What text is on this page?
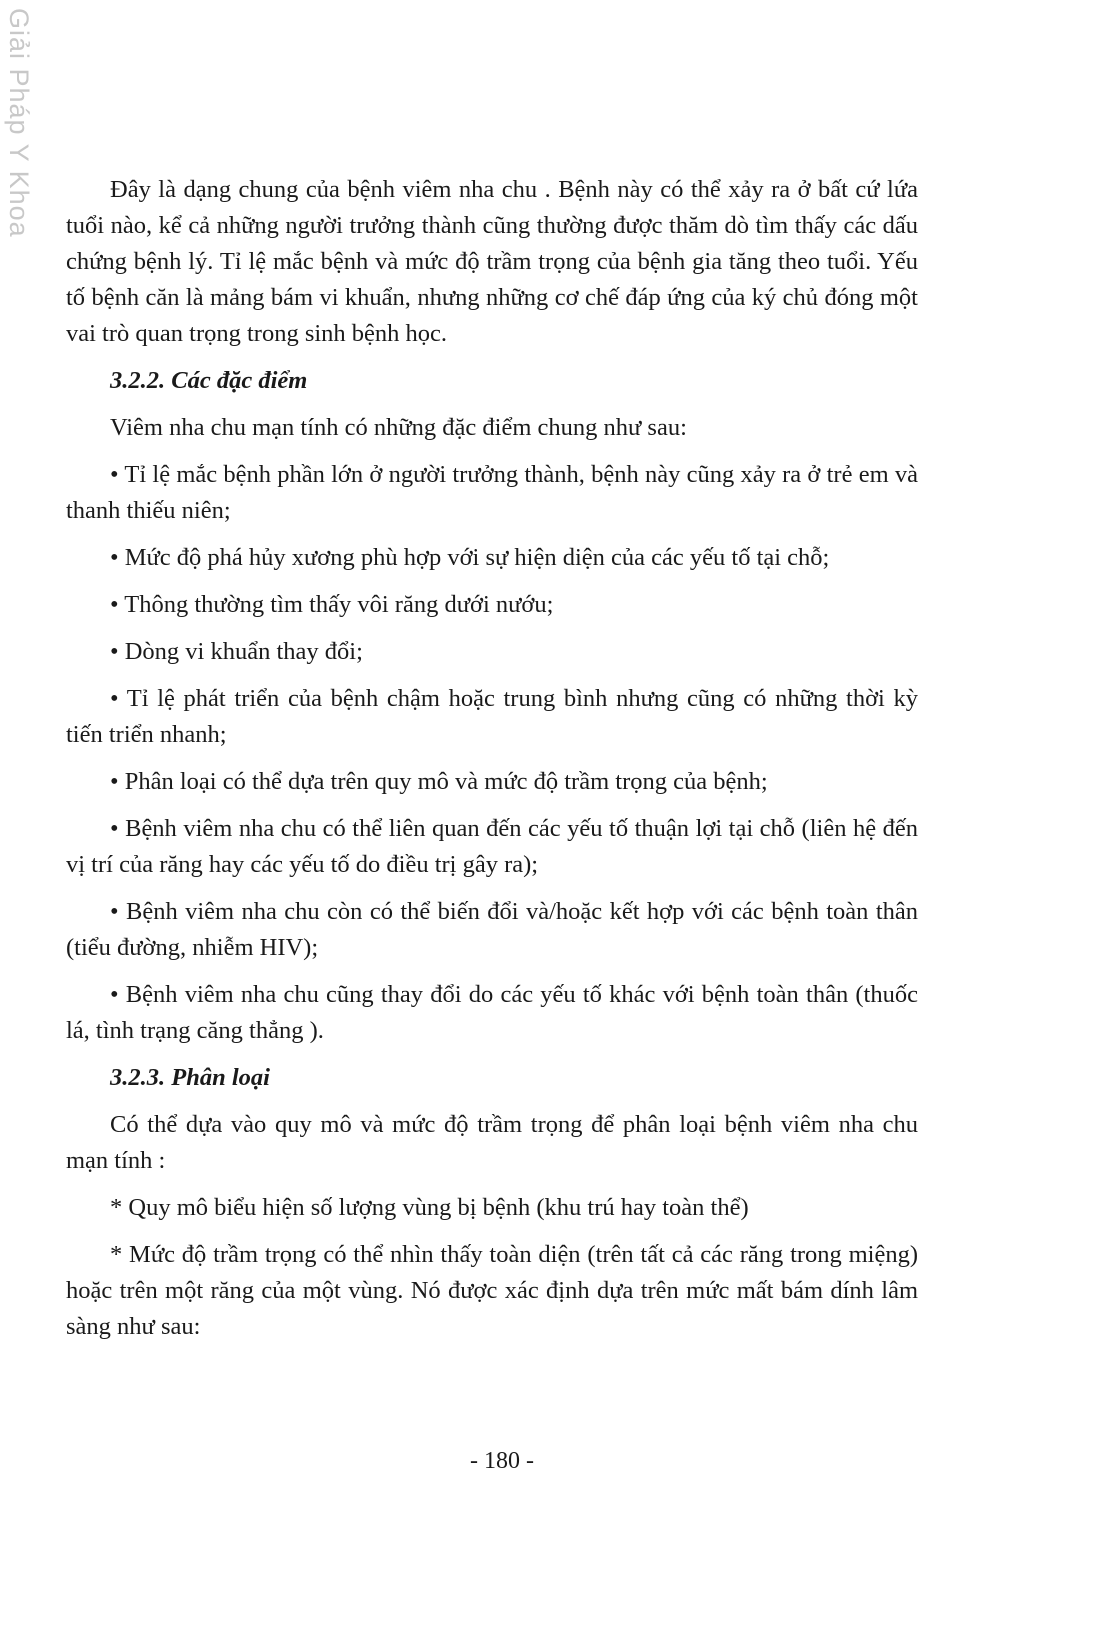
Giải Pháp Y Khoa	Đây là dạng chung của bệnh viêm nha chu . Bệnh này có thể xảy ra ở bất cứ lứa tuổi nào, kể cả những người trưởng thành cũng thường được thăm dò tìm thấy các dấu chứng bệnh lý. Tỉ lệ mắc bệnh và mức độ trầm trọng của bệnh gia tăng theo tuổi. Yếu tố bệnh căn là mảng bám vi khuẩn, nhưng những cơ chế đáp ứng của ký chủ đóng một vai trò quan trọng trong sinh bệnh học.

3.2.2. Các đặc điểm

Viêm nha chu mạn tính có những đặc điểm chung như sau:

• Tỉ lệ mắc bệnh phần lớn ở người trưởng thành, bệnh này cũng xảy ra ở trẻ em và thanh thiếu niên;

• Mức độ phá hủy xương phù hợp với sự hiện diện của các yếu tố tại chỗ;

• Thông thường tìm thấy vôi răng dưới nướu;

• Dòng vi khuẩn thay đổi;

• Tỉ lệ phát triển của bệnh chậm hoặc trung bình nhưng cũng có những thời kỳ tiến triển nhanh;

• Phân loại có thể dựa trên quy mô và mức độ trầm trọng của bệnh;

• Bệnh viêm nha chu có thể liên quan đến các yếu tố thuận lợi tại chỗ (liên hệ đến vị trí của răng hay các yếu tố do điều trị gây ra);

• Bệnh viêm nha chu còn có thể biến đổi và/hoặc kết hợp với các bệnh toàn thân (tiểu đường, nhiễm HIV);

• Bệnh viêm nha chu cũng thay đổi do các yếu tố khác với bệnh toàn thân (thuốc lá, tình trạng căng thẳng ).

3.2.3. Phân loại

Có thể dựa vào quy mô và mức độ trầm trọng để phân loại bệnh viêm nha chu mạn tính :

* Quy mô biểu hiện số lượng vùng bị bệnh (khu trú hay toàn thể)

* Mức độ trầm trọng có thể nhìn thấy toàn diện (trên tất cả các răng trong miệng) hoặc trên một răng của một vùng. Nó được xác định dựa trên mức mất bám dính lâm sàng như sau:

- 180 -
